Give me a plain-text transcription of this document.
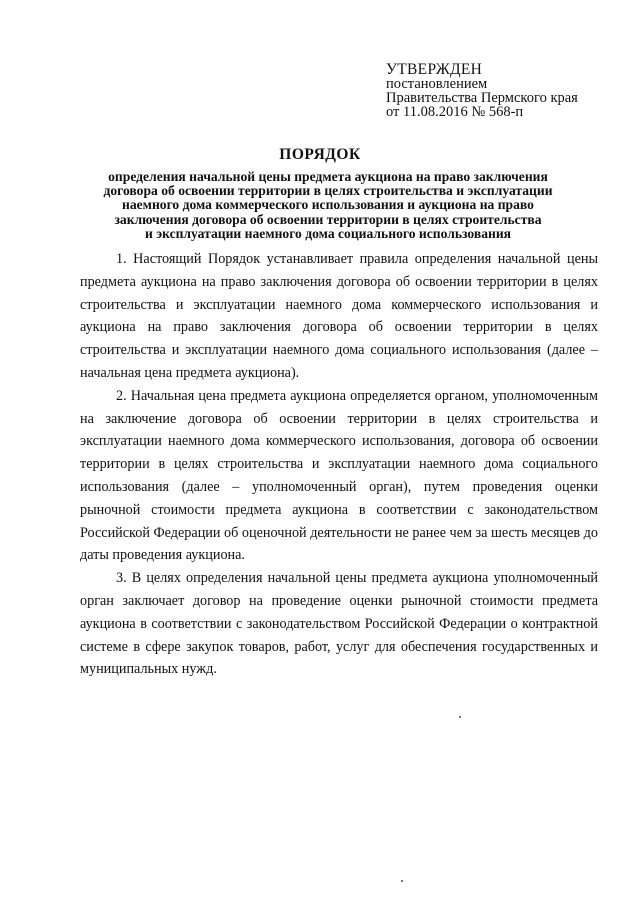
УТВЕРЖДЕН
постановлением
Правительства Пермского края
от 11.08.2016 № 568-п
ПОРЯДОК
определения начальной цены предмета аукциона на право заключения
договора об освоении территории в целях строительства и эксплуатации
наемного дома коммерческого использования и аукциона на право
заключения договора об освоении территории в целях строительства
и эксплуатации наемного дома социального использования

1. Настоящий Порядок устанавливает правила определения начальной цены предмета аукциона на право заключения договора об освоении территории в целях строительства и эксплуатации наемного дома коммерческого использования и аукциона на право заключения договора об освоении территории в целях строительства и эксплуатации наемного дома социального использования (далее – начальная цена предмета аукциона).

2. Начальная цена предмета аукциона определяется органом, уполномоченным на заключение договора об освоении территории в целях строительства и эксплуатации наемного дома коммерческого использования, договора об освоении территории в целях строительства и эксплуатации наемного дома социального использования (далее – уполномоченный орган), путем проведения оценки рыночной стоимости предмета аукциона в соответствии с законодательством Российской Федерации об оценочной деятельности не ранее чем за шесть месяцев до даты проведения аукциона.

3. В целях определения начальной цены предмета аукциона уполномоченный орган заключает договор на проведение оценки рыночной стоимости предмета аукциона в соответствии с законодательством Российской Федерации о контрактной системе в сфере закупок товаров, работ, услуг для обеспечения государственных и муниципальных нужд.
